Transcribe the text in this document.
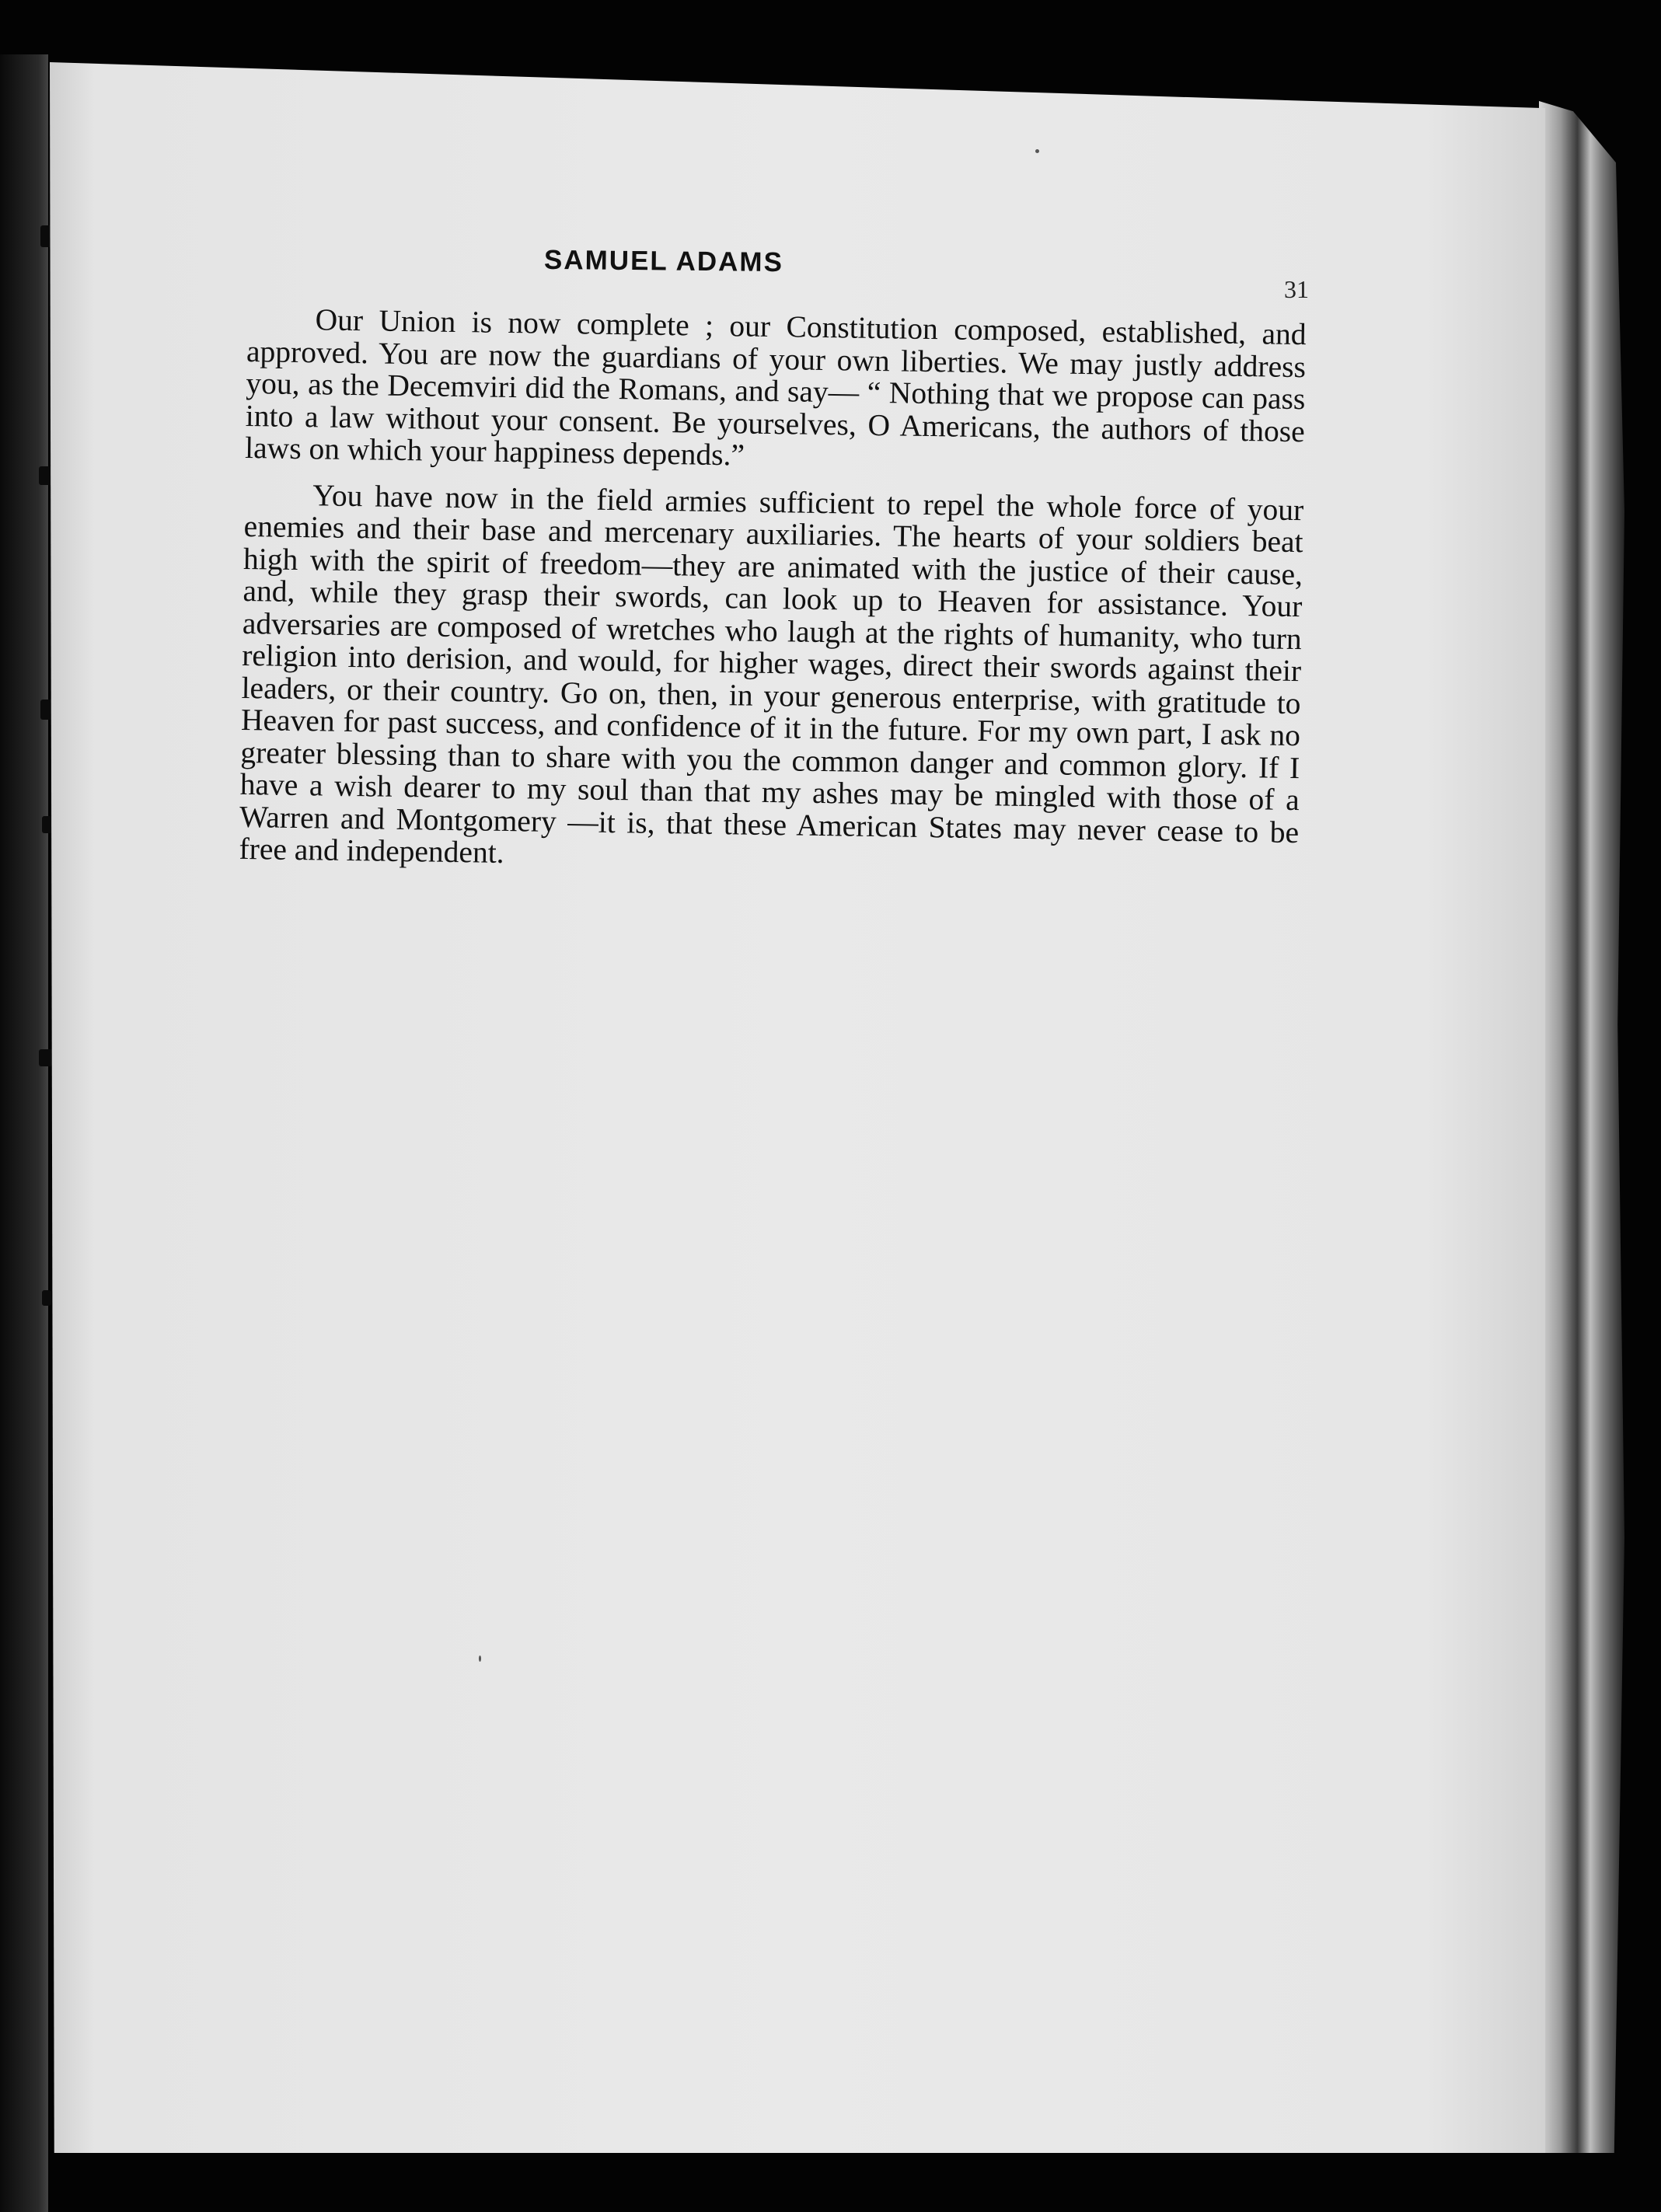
SAMUEL ADAMS
31

Our Union is now complete ; our Constitution composed, established, and approved. You are now the guardians of your own liberties. We may justly address you, as the Decemviri did the Romans, and say— “ Nothing that we propose can pass into a law without your consent. Be yourselves, O Americans, the authors of those laws on which your happiness depends.”

You have now in the field armies sufficient to repel the whole force of your enemies and their base and mercenary auxiliaries. The hearts of your soldiers beat high with the spirit of freedom—they are animated with the justice of their cause, and, while they grasp their swords, can look up to Heaven for assistance. Your adversaries are composed of wretches who laugh at the rights of humanity, who turn religion into derision, and would, for higher wages, direct their swords against their leaders, or their country. Go on, then, in your generous enterprise, with gratitude to Heaven for past success, and confidence of it in the future. For my own part, I ask no greater blessing than to share with you the common danger and common glory. If I have a wish dearer to my soul than that my ashes may be mingled with those of a Warren and Montgomery —it is, that these American States may never cease to be free and independent.
